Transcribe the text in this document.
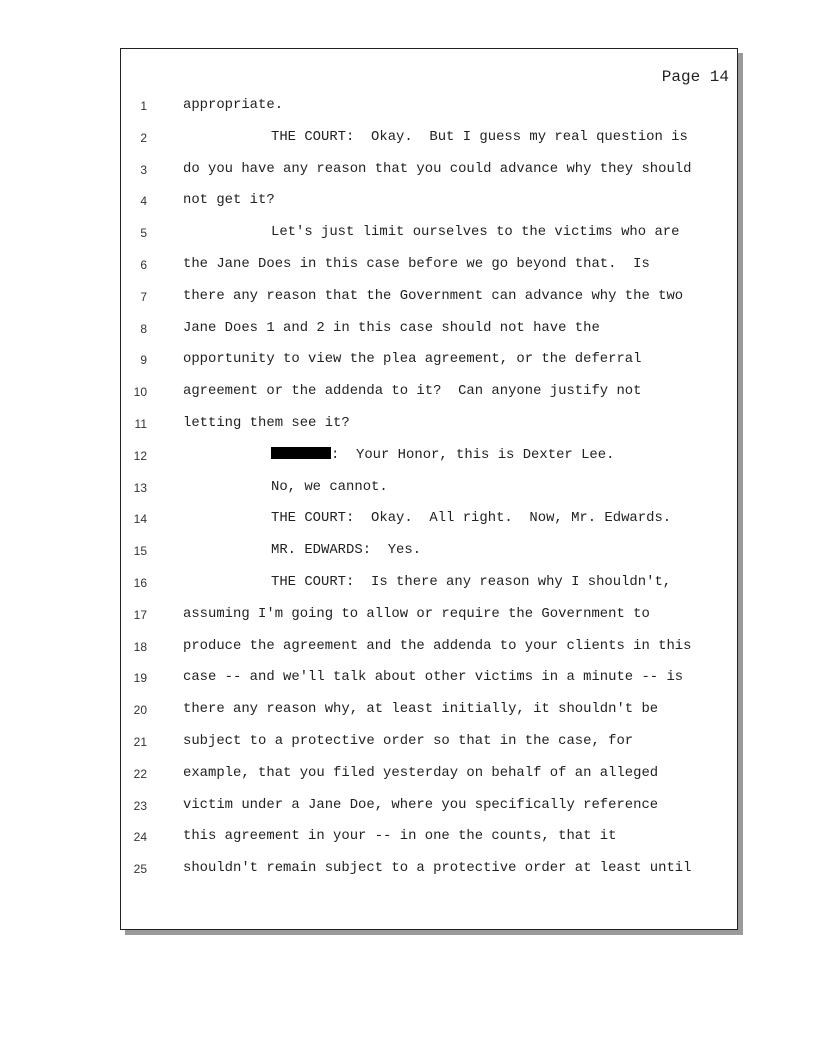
Page 14
1	appropriate.
2	THE COURT:  Okay.  But I guess my real question is
3	do you have any reason that you could advance why they should
4	not get it?
5	Let's just limit ourselves to the victims who are
6	the Jane Does in this case before we go beyond that.  Is
7	there any reason that the Government can advance why the two
8	Jane Does 1 and 2 in this case should not have the
9	opportunity to view the plea agreement, or the deferral
10	agreement or the addenda to it?  Can anyone justify not
11	letting them see it?
12	:  Your Honor, this is Dexter Lee.
13	No, we cannot.
14	THE COURT:  Okay.  All right.  Now, Mr. Edwards.
15	MR. EDWARDS:  Yes.
16	THE COURT:  Is there any reason why I shouldn't,
17	assuming I'm going to allow or require the Government to
18	produce the agreement and the addenda to your clients in this
19	case -- and we'll talk about other victims in a minute -- is
20	there any reason why, at least initially, it shouldn't be
21	subject to a protective order so that in the case, for
22	example, that you filed yesterday on behalf of an alleged
23	victim under a Jane Doe, where you specifically reference
24	this agreement in your -- in one the counts, that it
25	shouldn't remain subject to a protective order at least until
